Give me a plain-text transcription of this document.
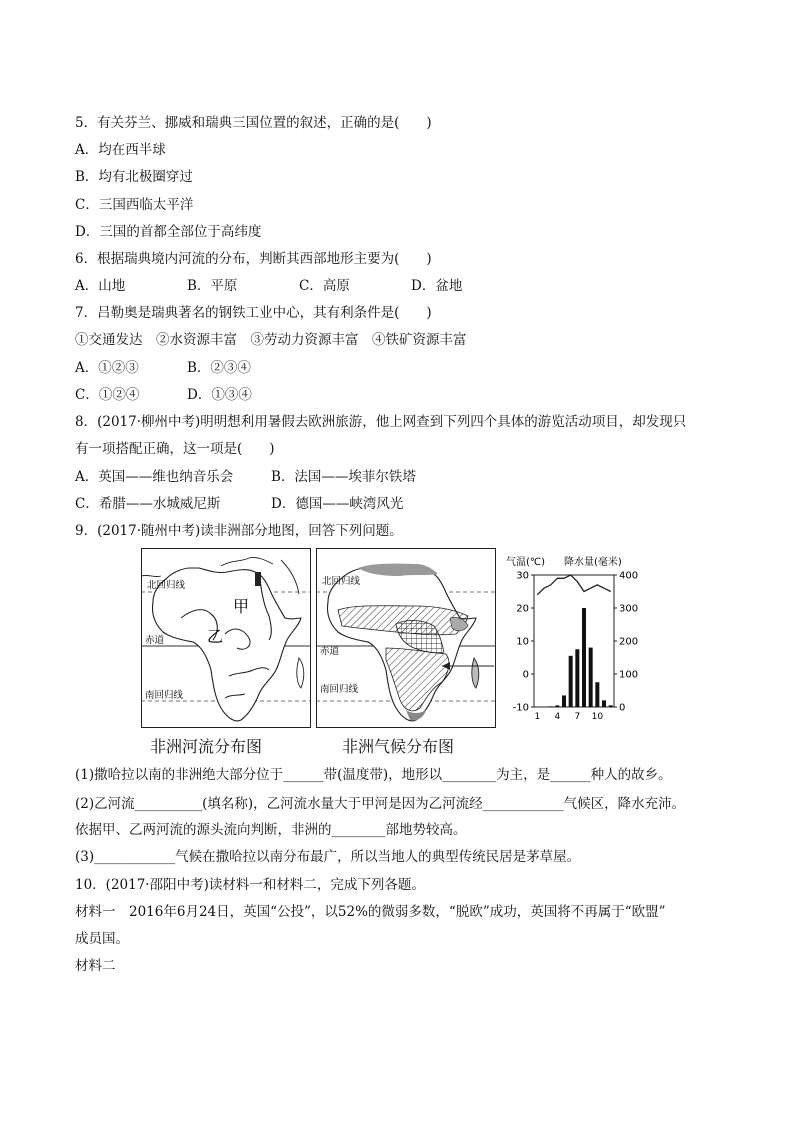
5．有关芬兰、挪威和瑞典三国位置的叙述，正确的是(　　)
A．均在西半球
B．均有北极圈穿过
C．三国西临太平洋
D．三国的首都全部位于高纬度
6．根据瑞典境内河流的分布，判断其西部地形主要为(　　)
A．山地	B．平原	C．高原	D．盆地
7．吕勒奥是瑞典著名的钢铁工业中心，其有利条件是(　　)
①交通发达　②水资源丰富　③劳动力资源丰富　④铁矿资源丰富
A．①②③	B．②③④
C．①②④	D．①③④
8．(2017·柳州中考)明明想利用暑假去欧洲旅游，他上网查到下列四个具体的游览活动项目，却发现只
有一项搭配正确，这一项是(　　)
A．英国——维也纳音乐会	B．法国——埃菲尔铁塔
C．希腊——水城威尼斯	D．德国——峡湾风光
9．(2017·随州中考)读非洲部分地图，回答下列问题。
北回归线
赤道
南回归线
甲
乙
北回归线
赤道
南回归线
气温(℃) 降水量(毫米)
30
20
10
0
-10
400
300
200
100
0
1 4 7 10
非洲河流分布图	非洲气候分布图
(1)撒哈拉以南的非洲绝大部分位于______带(温度带)，地形以________为主，是______种人的故乡。
(2)乙河流__________(填名称)，乙河流水量大于甲河是因为乙河流经____________气候区，降水充沛。
依据甲、乙两河流的源头流向判断，非洲的________部地势较高。
(3)____________气候在撒哈拉以南分布最广，所以当地人的典型传统民居是茅草屋。
10．(2017·邵阳中考)读材料一和材料二，完成下列各题。
材料一　2016年6月24日，英国“公投”，以52%的微弱多数，“脱欧”成功，英国将不再属于“欧盟”
成员国。
材料二
